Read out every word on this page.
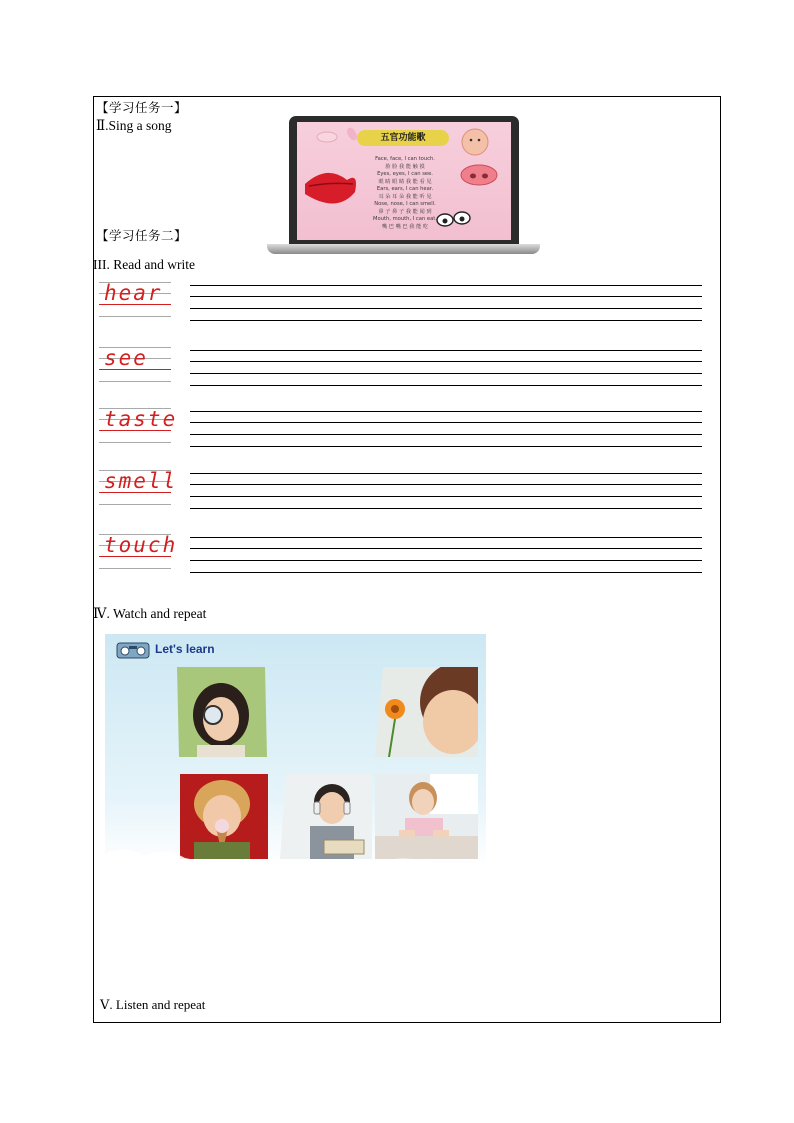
【学习任务一】
Ⅱ.Sing a song
五官功能歌
Face, face, I can touch.
脸 脸 我 能 触 摸
Eyes, eyes, I can see.
眼 睛 眼 睛 我 能 看 见
Ears, ears, I can hear.
耳 朵 耳 朵 我 能 听 见
Nose, nose, I can smell.
鼻 子 鼻 子 我 能 闻 到
Mouth, mouth, I can eat.
嘴 巴 嘴 巴 我 能 吃
【学习任务二】
III. Read and write
hear
see
taste
smell
touch
Ⅳ. Watch and repeat
Let's learn
Ⅴ. Listen and repeat
